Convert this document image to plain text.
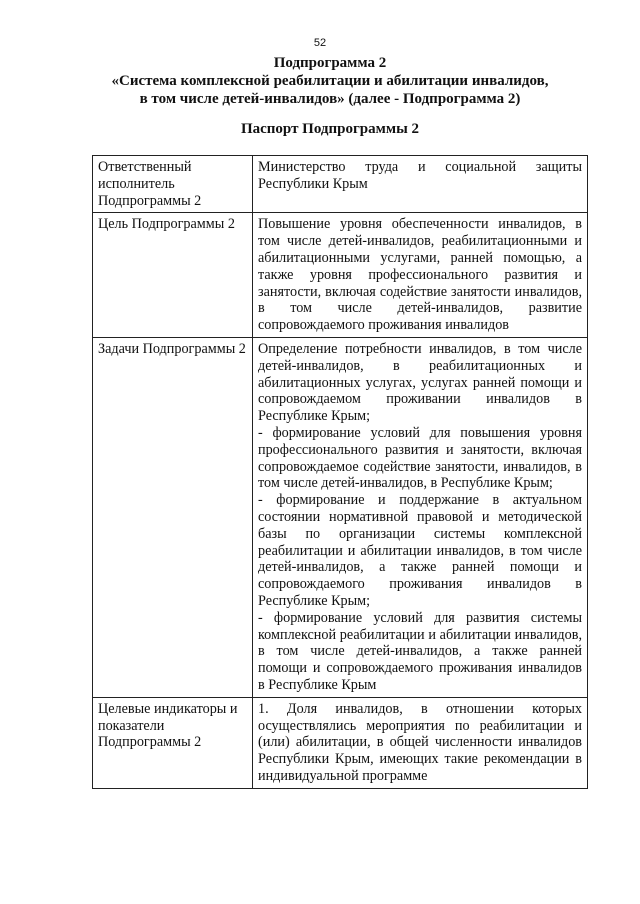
52
Подпрограмма 2
«Система комплексной реабилитации и абилитации инвалидов,
в том числе детей-инвалидов» (далее - Подпрограмма 2)
Паспорт Подпрограммы 2
Ответственный исполнитель Подпрограммы 2	Министерство труда и социальной защиты Республики Крым

Цель Подпрограммы 2	Повышение уровня обеспеченности инвалидов, в том числе детей-инвалидов, реабилитационными и абилитационными услугами, ранней помощью, а также уровня профессионального развития и занятости, включая содействие занятости инвалидов, в том числе детей-инвалидов, развитие сопровождаемого проживания инвалидов

Задачи Подпрограммы 2	Определение потребности инвалидов, в том числе детей-инвалидов, в реабилитационных и абилитационных услугах, услугах ранней помощи и сопровождаемом проживании инвалидов в Республике Крым;
- формирование условий для повышения уровня профессионального развития и занятости, включая сопровождаемое содействие занятости, инвалидов, в том числе детей-инвалидов, в Республике Крым;
- формирование и поддержание в актуальном состоянии нормативной правовой и методической базы по организации системы комплексной реабилитации и абилитации инвалидов, в том числе детей-инвалидов, а также ранней помощи и сопровождаемого проживания инвалидов в Республике Крым;
- формирование условий для развития системы комплексной реабилитации и абилитации инвалидов, в том числе детей-инвалидов, а также ранней помощи и сопровождаемого проживания инвалидов в Республике Крым

Целевые индикаторы и показатели Подпрограммы 2	1. Доля инвалидов, в отношении которых осуществлялись мероприятия по реабилитации и (или) абилитации, в общей численности инвалидов Республики Крым, имеющих такие рекомендации в индивидуальной программе
